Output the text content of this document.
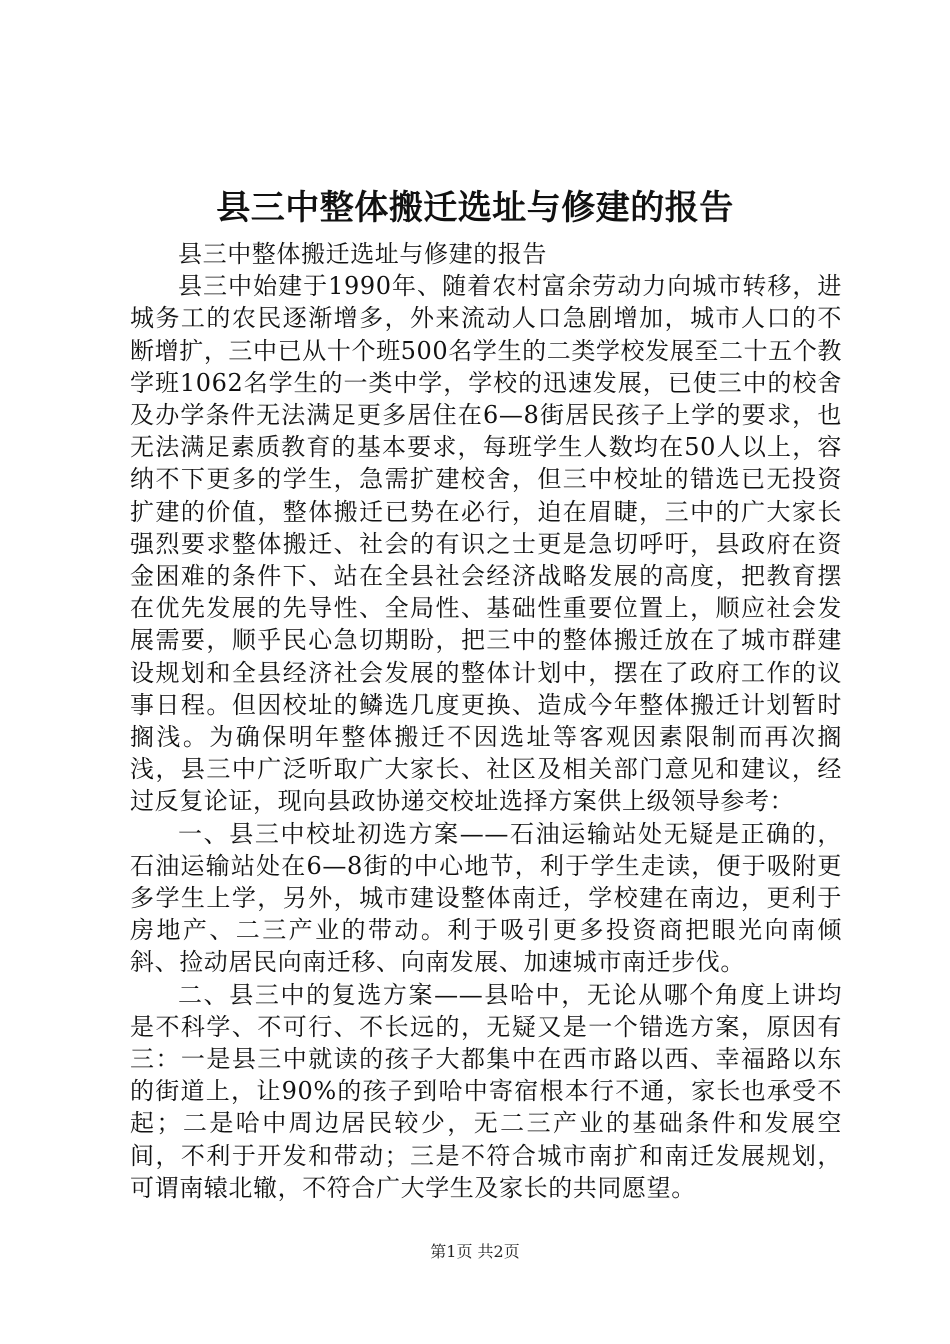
县三中整体搬迁选址与修建的报告

县三中整体搬迁选址与修建的报告

县三中始建于1990年、随着农村富余劳动力向城市转移，进城务工的农民逐渐增多，外来流动人口急剧增加，城市人口的不断增扩，三中已从十个班500名学生的二类学校发展至二十五个教学班1062名学生的一类中学，学校的迅速发展，已使三中的校舍及办学条件无法满足更多居住在6—8街居民孩子上学的要求，也无法满足素质教育的基本要求，每班学生人数均在50人以上，容纳不下更多的学生，急需扩建校舍，但三中校址的错选已无投资扩建的价值，整体搬迁已势在必行，迫在眉睫，三中的广大家长强烈要求整体搬迁、社会的有识之士更是急切呼吁，县政府在资金困难的条件下、站在全县社会经济战略发展的高度，把教育摆在优先发展的先导性、全局性、基础性重要位置上，顺应社会发展需要，顺乎民心急切期盼，把三中的整体搬迁放在了城市群建设规划和全县经济社会发展的整体计划中，摆在了政府工作的议事日程。但因校址的鳞选几度更换、造成今年整体搬迁计划暂时搁浅。为确保明年整体搬迁不因选址等客观因素限制而再次搁浅，县三中广泛听取广大家长、社区及相关部门意见和建议，经过反复论证，现向县政协递交校址选择方案供上级领导参考：

一、县三中校址初选方案——石油运输站处无疑是正确的，石油运输站处在6—8街的中心地节，利于学生走读，便于吸附更多学生上学，另外，城市建设整体南迁，学校建在南边，更利于房地产、二三产业的带动。利于吸引更多投资商把眼光向南倾斜、捡动居民向南迁移、向南发展、加速城市南迁步伐。

二、县三中的复选方案——县哈中，无论从哪个角度上讲均是不科学、不可行、不长远的，无疑又是一个错选方案，原因有三：一是县三中就读的孩子大都集中在西市路以西、幸福路以东的街道上，让90%的孩子到哈中寄宿根本行不通，家长也承受不起；二是哈中周边居民较少，无二三产业的基础条件和发展空间，不利于开发和带动；三是不符合城市南扩和南迁发展规划，可谓南辕北辙，不符合广大学生及家长的共同愿望。

第1页 共2页
